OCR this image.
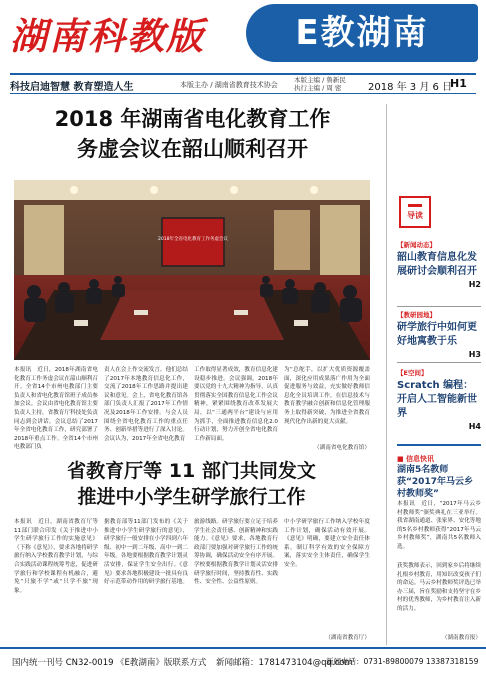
湖南科教版	E教湖南
科技启迪智慧 教育塑造人生	本版主办 / 湖南省教育技术协会
本版主编 / 鲁新民
执行主编 / 周 密	2018 年 3 月 6 日
H1
2018 年湖南省电化教育工作
务虚会议在韶山顺利召开
2018年全省电化教育工作务虚会议
本报讯　近日，2018年湖南省电化教育工作务虚会议在韶山顺利召开。全省14个市州电教部门主要负责人和省电化教育馆班子成员参加会议。会议由省电化教育馆主要负责人主持，省教育厅科技处负责同志到会讲话。会议总结了2017年全省电化教育工作，研究部署了2018年重点工作。全省14个市州电教部门负
责人在会上作交流发言。他们总结了2017年本地教育信息化工作，交流了2018年工作思路并提出建议和意见。会上，省电化教育馆各部门负责人汇报了2017年工作情况及2018年工作安排。与会人员围绕全省电化教育工作的重点任务、创新举措等进行了深入讨论。会议认为，2017年全省电化教育
工作取得显著成效，教育信息化建设稳步推进。会议强调，2018年要以党的十九大精神为指导，认真贯彻落实全国教育信息化工作会议精神，紧紧围绕教育改革发展大局，以“三通两平台”建设与应用为抓手，全面推进教育信息化2.0行动计划，努力开创全省电化教育工作新局面。
为“总舵手，以扩大优质资源覆盖面，深化应用成果落广作用为全面促进服务与效益，充实做好教师信息化全员培训工作，在信息技术与教育教学融合创新和信息化管理服务上取得新突破，为推进全省教育现代化作出新的更大贡献。
（湖南省电化教育馆）
省教育厅等 11 部门共同发文
推进中小学生研学旅行工作
本报讯　近日，湖南省教育厅等11部门联合印发《关于推进中小学生研学旅行工作的实施意见》（下称《意见》），要求各地将研学旅行纳入学校教育教学计划，与综合实践活动课程统筹考虑，促进研学旅行和学校课程有机融合，避免“只旅不学”或“只学不旅”现象。
据教育部等11部门发布的《关于推进中小学生研学旅行的意见》，研学旅行一般安排在小学四到六年级、初中一到二年级、高中一到二年级。各地要根据教育教学计划灵活安排，保证学生安全出行。《意见》要求各地积极建设一批具有良好示范带动作用的研学旅行基地。
旅游线路。研学旅行要立足于培养学生社会责任感、创新精神和实践能力。《意见》要求，各地教育行政部门要加强对研学旅行工作的统筹协调，确保活动安全有序开展。学校要根据教育教学计划灵活安排研学旅行时间，坚持教育性、实践性、安全性、公益性原则。
中小学研学旅行工作纳入学校年度工作计划，确保活动有效开展。《意见》明确，要建立安全责任体系，制订科学有效的安全保障方案，落实安全主体责任，确保学生安全。
（湖南省教育厅）
导读
【新闻动态】
韶山教育信息化发展研讨会顺利召开
H2
【教研园地】
研学旅行中如何更好地寓教于乐
H3
【E空间】
Scratch 编程：开启人工智能新世界
H4
■ 信息快讯
湖南5名教师获“2017年马云乡村教师奖”
本报讯　近日，“2017年马云乡村教师奖”颁奖典礼在三亚举行。我省湖南通道、张家界、安化等地的5名乡村教师获得“2017年马云乡村教师奖”，湖南共5名教师入选。
获奖教师表示，回到家乡后将继续扎根乡村教育，用知识改变孩子们的命运。马云乡村教师奖评选已举办三届，旨在奖励和支持坚守在乡村的优秀教师，为乡村教育注入新的活力。
（湖南教育报）
国内统一刊号 CN32-0019 《E教湖南》版联系方式 新闻邮箱：1781473104@qq.com
新闻电话：0731-89800079 13387318159
